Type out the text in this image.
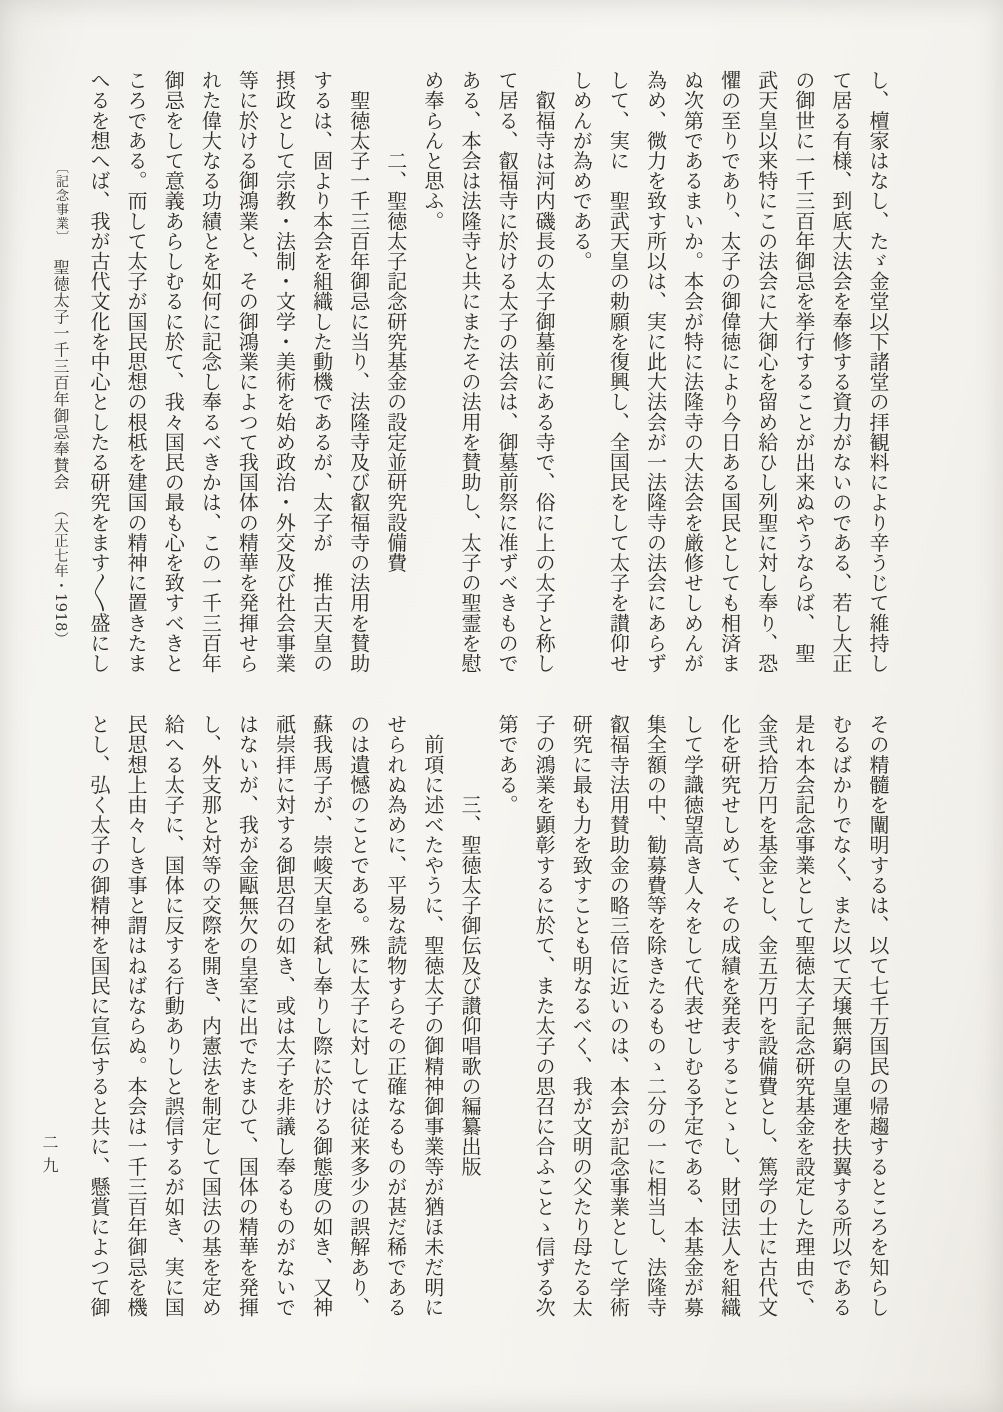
し、檀家はなし、たゞ金堂以下諸堂の拝観料により辛うじて維持し
て居る有様、到底大法会を奉修する資力がないのである、若し大正
の御世に一千三百年御忌を挙行することが出来ぬやうならば、　聖
武天皇以来特にこの法会に大御心を留め給ひし列聖に対し奉り、恐
懼の至りであり、太子の御偉徳により今日ある国民としても相済ま
ぬ次第であるまいか。本会が特に法隆寺の大法会を厳修せしめんが
為め、微力を致す所以は、実に此大法会が一法隆寺の法会にあらず
して、実に　聖武天皇の勅願を復興し、全国民をして太子を讃仰せ
しめんが為めである。
　叡福寺は河内磯長の太子御墓前にある寺で、俗に上の太子と称し
て居る、叡福寺に於ける太子の法会は、御墓前祭に准ずべきもので
ある、本会は法隆寺と共にまたその法用を賛助し、太子の聖霊を慰
め奉らんと思ふ。
　　　　二、聖徳太子記念研究基金の設定並研究設備費
　聖徳太子一千三百年御忌に当り、法隆寺及び叡福寺の法用を賛助
するは、固より本会を組織した動機であるが、太子が　推古天皇の
摂政として宗教・法制・文学・美術を始め政治・外交及び社会事業
等に於ける御鴻業と、その御鴻業によつて我国体の精華を発揮せら
れた偉大なる功績とを如何に記念し奉るべきかは、この一千三百年
御忌をして意義あらしむるに於て、我々国民の最も心を致すべきと
ころである。而して太子が国民思想の根柢を建国の精神に置きたま
へるを想へば、我が古代文化を中心としたる研究をます〱盛にし
その精髓を闡明するは、以て七千万国民の帰趨するところを知らし
むるばかりでなく、また以て天壌無窮の皇運を扶翼する所以である
是れ本会記念事業として聖徳太子記念研究基金を設定した理由で、
金弐拾万円を基金とし、金五万円を設備費とし、篤学の士に古代文
化を研究せしめて、その成績を発表することゝし、財団法人を組織
して学識徳望高き人々をして代表せしむる予定である、本基金が募
集全額の中、勧募費等を除きたるものゝ二分の一に相当し、法隆寺
叡福寺法用賛助金の略三倍に近いのは、本会が記念事業として学術
研究に最も力を致すことも明なるべく、我が文明の父たり母たる太
子の鴻業を顕彰するに於て、また太子の思召に合ふことゝ信ずる次
第である。
　　　　三、聖徳太子御伝及び讃仰唱歌の編纂出版
　前項に述べたやうに、聖徳太子の御精神御事業等が猶ほ未だ明に
せられぬ為めに、平易な読物すらその正確なるものが甚だ稀である
のは遺憾のことである。殊に太子に対しては従来多少の誤解あり、
蘇我馬子が、崇峻天皇を弑し奉りし際に於ける御態度の如き、又神
祇崇拝に対する御思召の如き、或は太子を非議し奉るものがないで
はないが、我が金甌無欠の皇室に出でたまひて、国体の精華を発揮
し、外支那と対等の交際を開き、内憲法を制定して国法の基を定め
給へる太子に、国体に反する行動ありしと誤信するが如き、実に国
民思想上由々しき事と謂はねばならぬ。本会は一千三百年御忌を機
とし、弘く太子の御精神を国民に宣伝すると共に、懸賞によつて御

〔記念事業〕聖徳太子一千三百年御忌奉賛会（大正七年・1918）

二九
